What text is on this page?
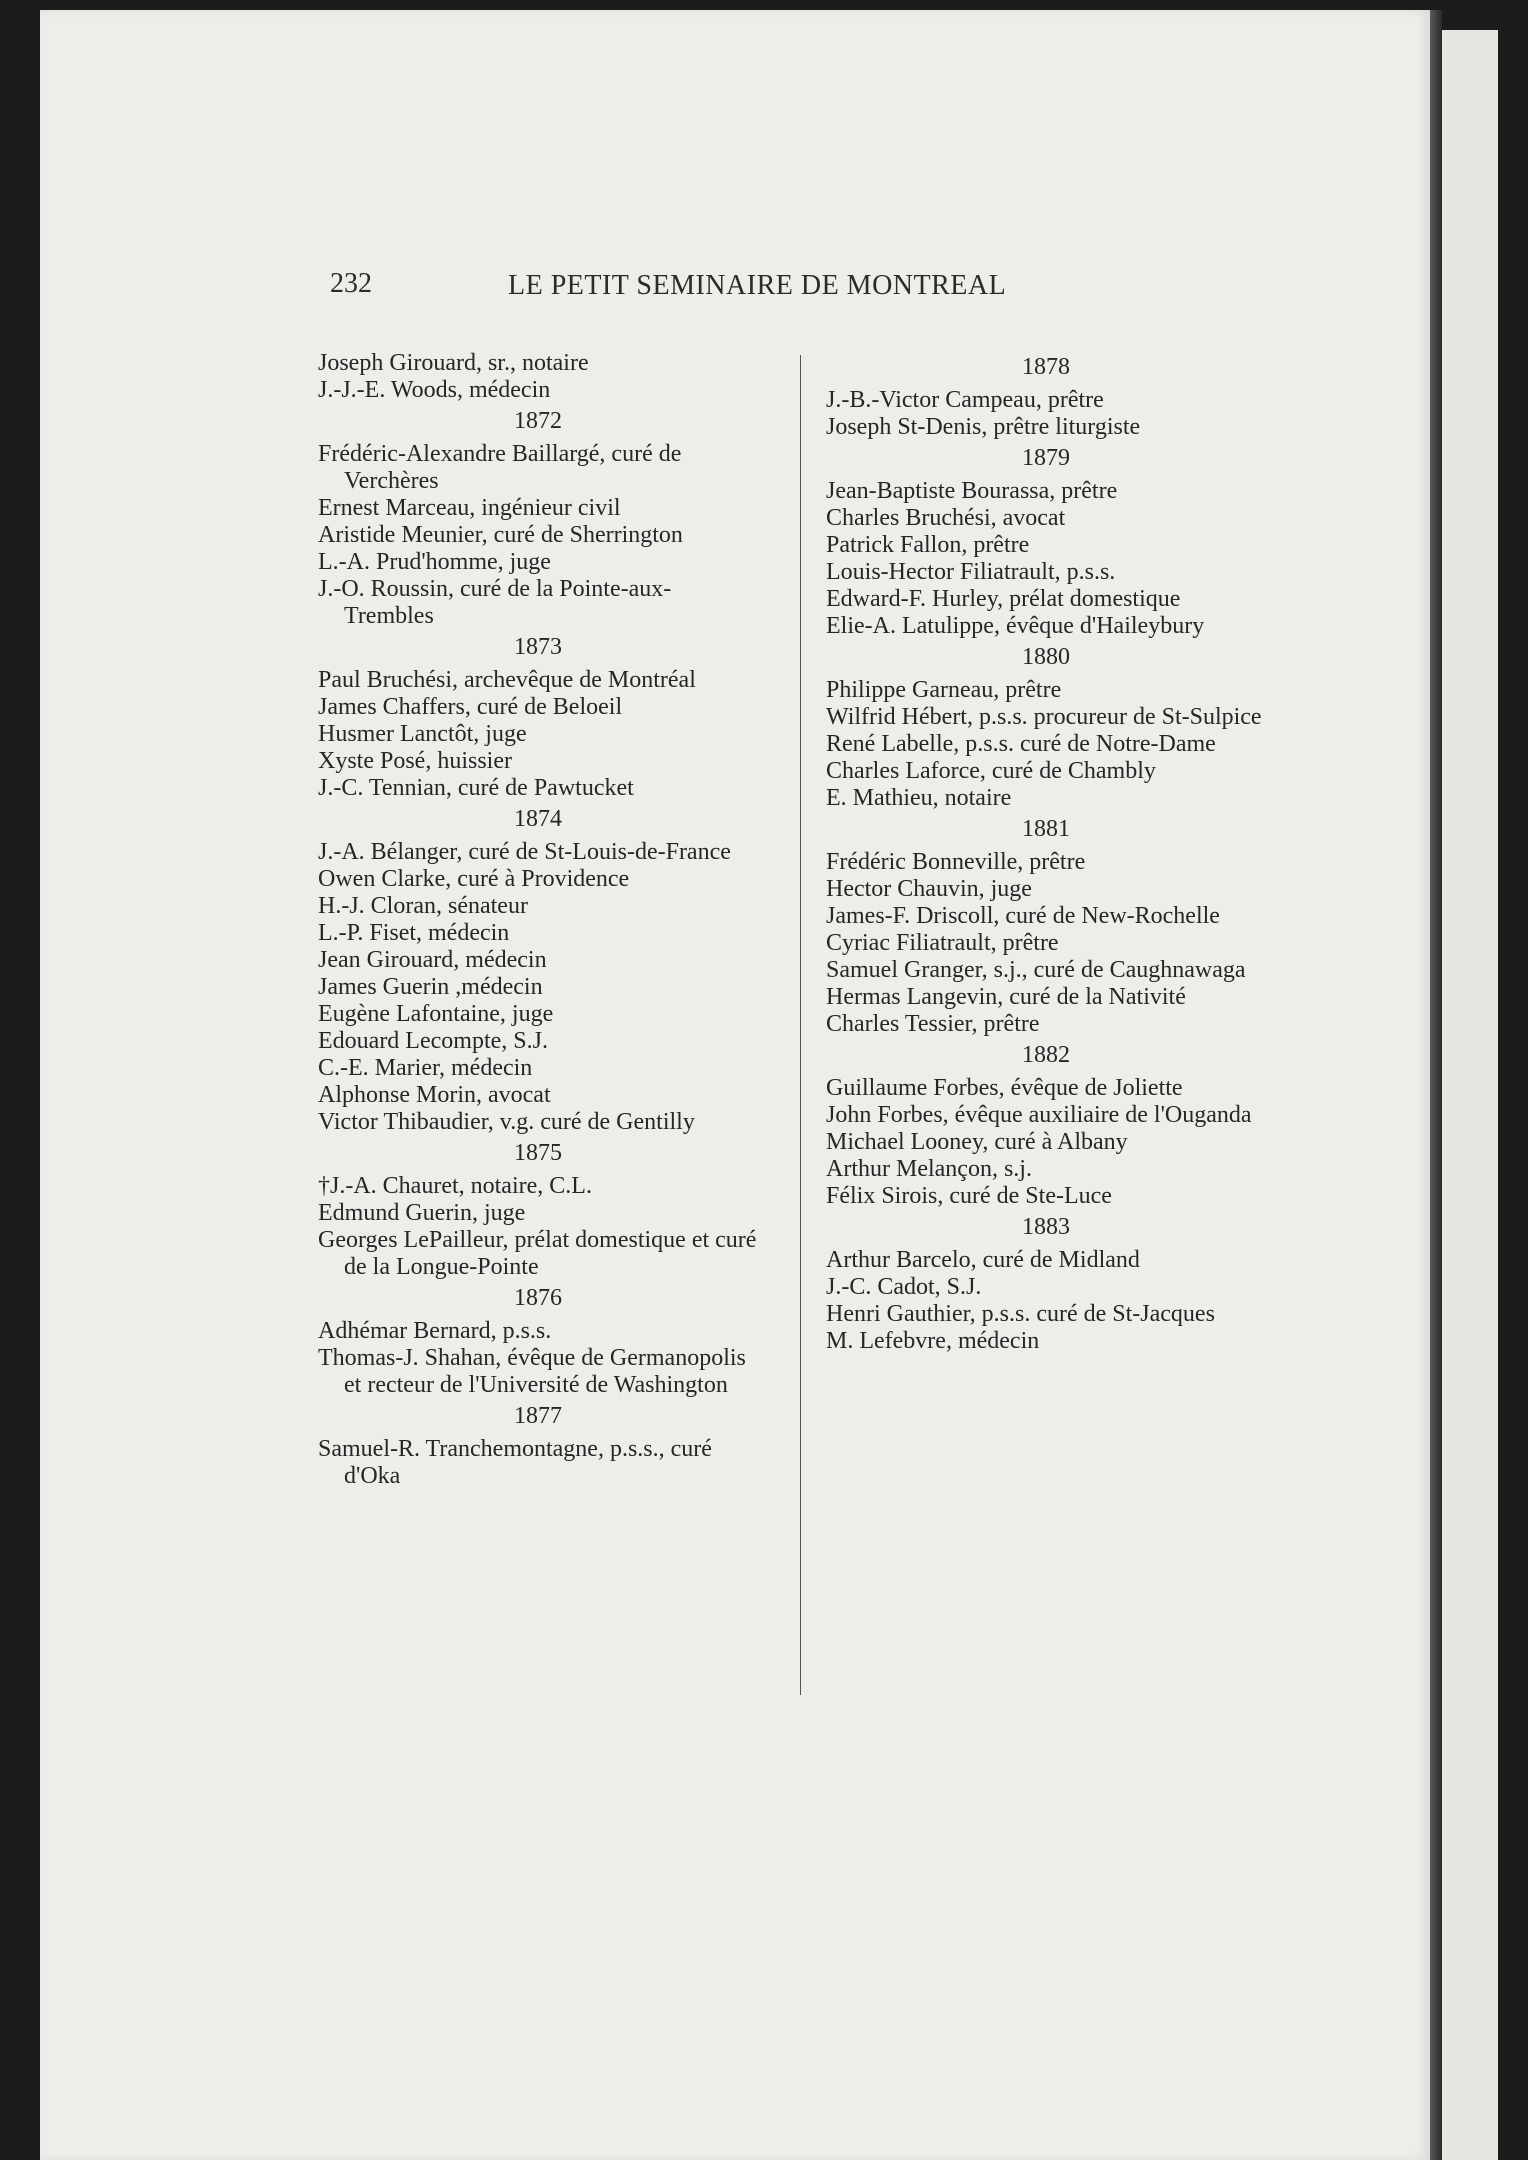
232	LE PETIT SEMINAIRE DE MONTREAL
Joseph Girouard, sr., notaire
J.-J.-E. Woods, médecin
1872
Frédéric-Alexandre Baillargé, curé de Verchères
Ernest Marceau, ingénieur civil
Aristide Meunier, curé de Sherrington
L.-A. Prud'homme, juge
J.-O. Roussin, curé de la Pointe-aux-Trembles
1873
Paul Bruchési, archevêque de Montréal
James Chaffers, curé de Beloeil
Husmer Lanctôt, juge
Xyste Posé, huissier
J.-C. Tennian, curé de Pawtucket
1874
J.-A. Bélanger, curé de St-Louis-de-France
Owen Clarke, curé à Providence
H.-J. Cloran, sénateur
L.-P. Fiset, médecin
Jean Girouard, médecin
James Guerin ,médecin
Eugène Lafontaine, juge
Edouard Lecompte, S.J.
C.-E. Marier, médecin
Alphonse Morin, avocat
Victor Thibaudier, v.g. curé de Gentilly
1875
†J.-A. Chauret, notaire, C.L.
Edmund Guerin, juge
Georges LePailleur, prélat domestique et curé de la Longue-Pointe
1876
Adhémar Bernard, p.s.s.
Thomas-J. Shahan, évêque de Germanopolis et recteur de l'Université de Washington
1877
Samuel-R. Tranchemontagne, p.s.s., curé d'Oka
1878
J.-B.-Victor Campeau, prêtre
Joseph St-Denis, prêtre liturgiste
1879
Jean-Baptiste Bourassa, prêtre
Charles Bruchési, avocat
Patrick Fallon, prêtre
Louis-Hector Filiatrault, p.s.s.
Edward-F. Hurley, prélat domestique
Elie-A. Latulippe, évêque d'Haileybury
1880
Philippe Garneau, prêtre
Wilfrid Hébert, p.s.s. procureur de St-Sulpice
René Labelle, p.s.s. curé de Notre-Dame
Charles Laforce, curé de Chambly
E. Mathieu, notaire
1881
Frédéric Bonneville, prêtre
Hector Chauvin, juge
James-F. Driscoll, curé de New-Rochelle
Cyriac Filiatrault, prêtre
Samuel Granger, s.j., curé de Caughnawaga
Hermas Langevin, curé de la Nativité
Charles Tessier, prêtre
1882
Guillaume Forbes, évêque de Joliette
John Forbes, évêque auxiliaire de l'Ouganda
Michael Looney, curé à Albany
Arthur Melançon, s.j.
Félix Sirois, curé de Ste-Luce
1883
Arthur Barcelo, curé de Midland
J.-C. Cadot, S.J.
Henri Gauthier, p.s.s. curé de St-Jacques
M. Lefebvre, médecin
